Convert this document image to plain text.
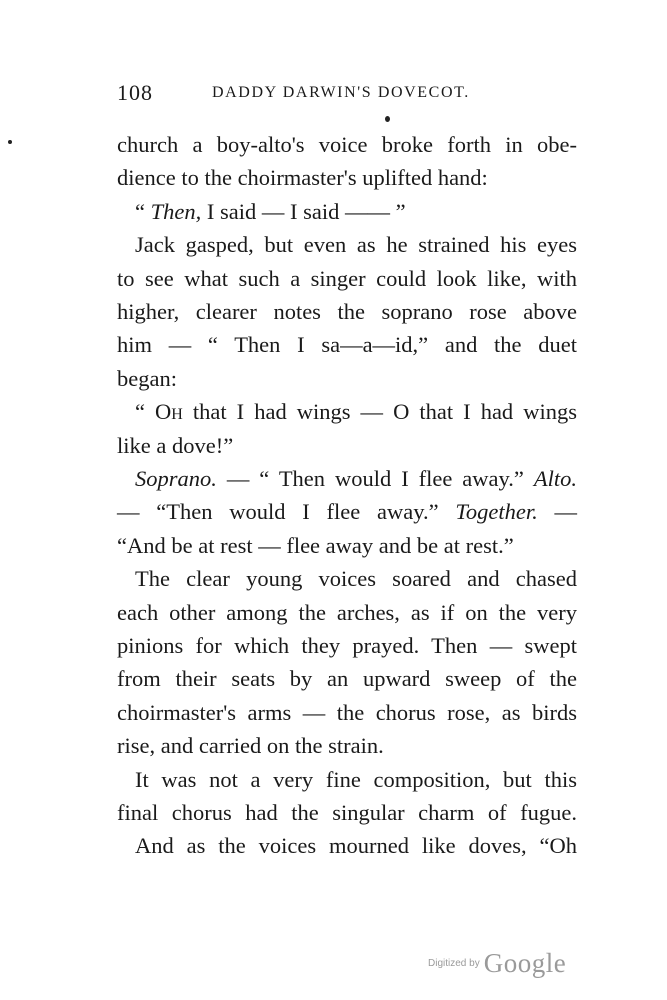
108	DADDY DARWIN'S DOVECOT.
church a boy-alto's voice broke forth in obe-
dience to the choirmaster's uplifted hand:
“ Then, I said — I said —— ”
Jack gasped, but even as he strained his eyes
to see what such a singer could look like, with
higher, clearer notes the soprano rose above
him — “ Then I sa—a—id,” and the duet
began:
“ Oh that I had wings — O that I had wings
like a dove!”
Soprano. — “ Then would I flee away.” Alto.
— “Then would I flee away.” Together. —
“And be at rest — flee away and be at rest.”
The clear young voices soared and chased
each other among the arches, as if on the very
pinions for which they prayed. Then — swept
from their seats by an upward sweep of the
choirmaster's arms — the chorus rose, as birds
rise, and carried on the strain.
It was not a very fine composition, but this
final chorus had the singular charm of fugue.
And as the voices mourned like doves, “Oh
Digitized by Google
